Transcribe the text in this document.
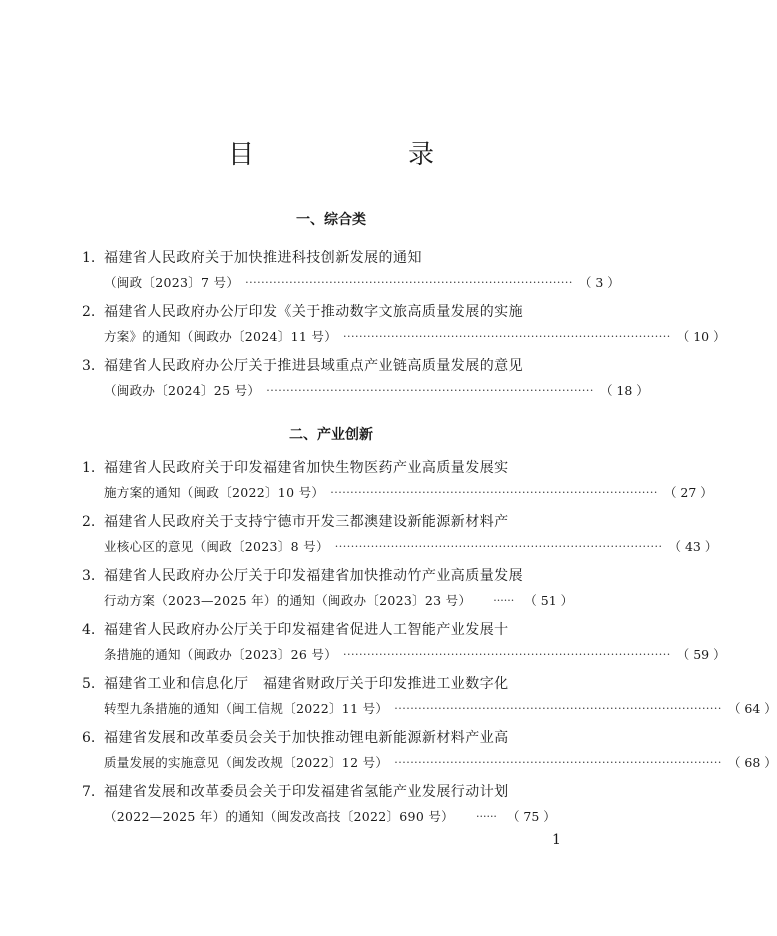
目　　录
一、综合类
1. 福建省人民政府关于加快推进科技创新发展的通知
（闽政〔2023〕7 号） ·················································································· （ 3 ）
2. 福建省人民政府办公厅印发《关于推动数字文旅高质量发展的实施
方案》的通知（闽政办〔2024〕11 号） ·················································································· （ 10 ）
3. 福建省人民政府办公厅关于推进县域重点产业链高质量发展的意见
（闽政办〔2024〕25 号） ·················································································· （ 18 ）
二、产业创新
1. 福建省人民政府关于印发福建省加快生物医药产业高质量发展实
施方案的通知（闽政〔2022〕10 号） ·················································································· （ 27 ）
2. 福建省人民政府关于支持宁德市开发三都澳建设新能源新材料产
业核心区的意见（闽政〔2023〕8 号） ·················································································· （ 43 ）
3. 福建省人民政府办公厅关于印发福建省加快推动竹产业高质量发展
行动方案（2023—2025 年）的通知（闽政办〔2023〕23 号） ······ （ 51 ）
4. 福建省人民政府办公厅关于印发福建省促进人工智能产业发展十
条措施的通知（闽政办〔2023〕26 号） ·················································································· （ 59 ）
5. 福建省工业和信息化厅　福建省财政厅关于印发推进工业数字化
转型九条措施的通知（闽工信规〔2022〕11 号） ·················································································· （ 64 ）
6. 福建省发展和改革委员会关于加快推动锂电新能源新材料产业高
质量发展的实施意见（闽发改规〔2022〕12 号） ·················································································· （ 68 ）
7. 福建省发展和改革委员会关于印发福建省氢能产业发展行动计划
（2022—2025 年）的通知（闽发改高技〔2022〕690 号） ······ （ 75 ）
1
